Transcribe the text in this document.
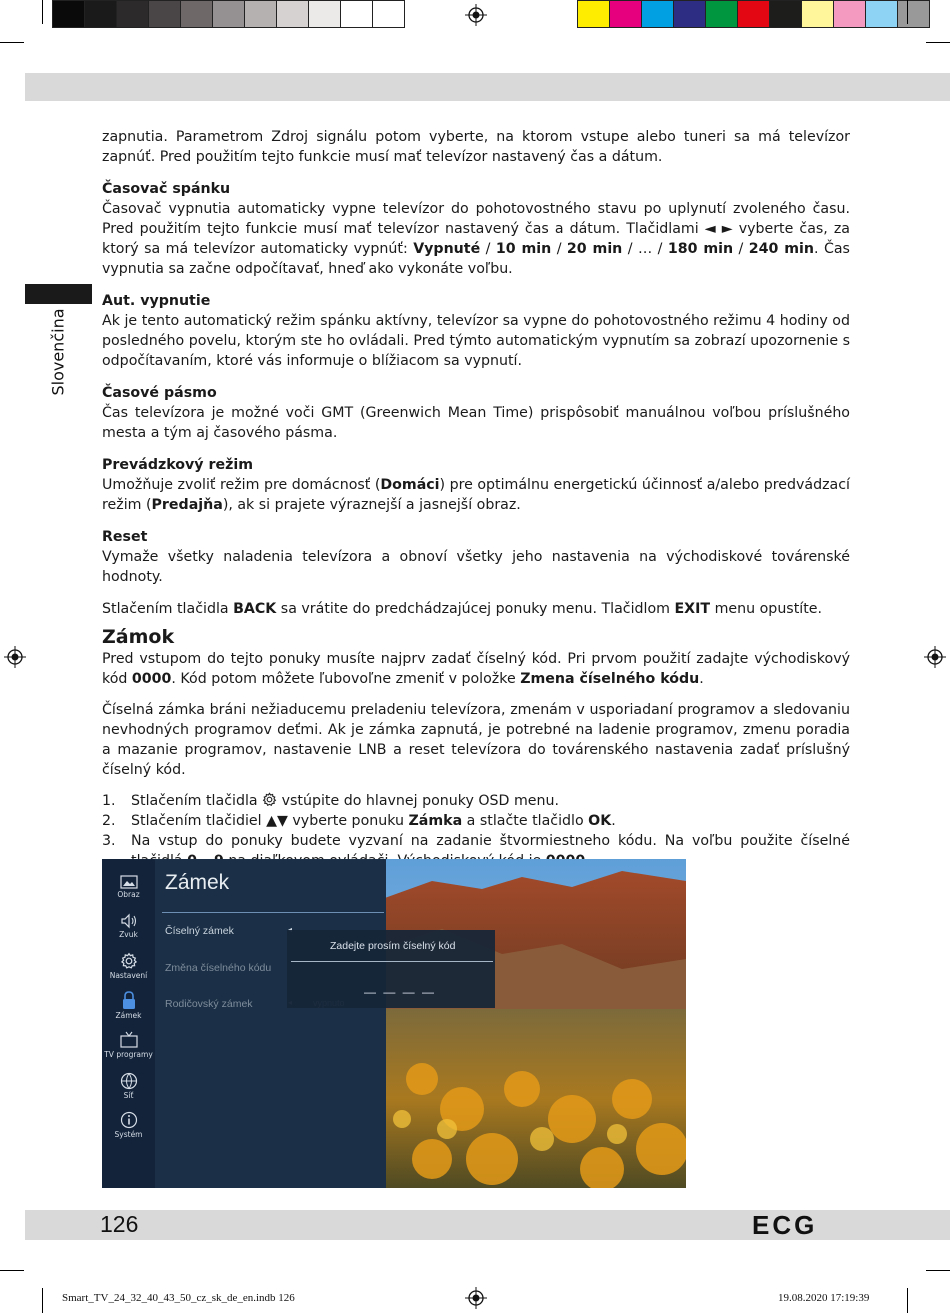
Slovenčina

zapnutia. Parametrom Zdroj signálu potom vyberte, na ktorom vstupe alebo tuneri sa má televízor zapnúť. Pred použitím tejto funkcie musí mať televízor nastavený čas a dátum.

Časovač spánku

Časovač vypnutia automaticky vypne televízor do pohotovostného stavu po uplynutí zvoleného času. Pred použitím tejto funkcie musí mať televízor nastavený čas a dátum. Tlačidlami ◄ ► vyberte čas, za ktorý sa má televízor automaticky vypnúť: Vypnuté / 10 min / 20 min / … / 180 min / 240 min. Čas vypnutia sa začne odpočítavať, hneď ako vykonáte voľbu.

Aut. vypnutie

Ak je tento automatický režim spánku aktívny, televízor sa vypne do pohotovostného režimu 4 hodiny od posledného povelu, ktorým ste ho ovládali. Pred týmto automatickým vypnutím sa zobrazí upozornenie s odpočítavaním, ktoré vás informuje o blížiacom sa vypnutí.

Časové pásmo

Čas televízora je možné voči GMT (Greenwich Mean Time) prispôsobiť manuálnou voľbou príslušného mesta a tým aj časového pásma.

Prevádzkový režim

Umožňuje zvoliť režim pre domácnosť (Domáci) pre optimálnu energetickú účinnosť a/alebo predvádzací režim (Predajňa), ak si prajete výraznejší a jasnejší obraz.

Reset

Vymaže všetky naladenia televízora a obnoví všetky jeho nastavenia na východiskové továrenské hodnoty.

Stlačením tlačidla BACK sa vrátite do predchádzajúcej ponuky menu. Tlačidlom EXIT menu opustíte.

Zámok

Pred vstupom do tejto ponuky musíte najprv zadať číselný kód. Pri prvom použití zadajte východiskový kód 0000. Kód potom môžete ľubovoľne zmeniť v položke Zmena číselného kódu.

Číselná zámka bráni nežiaducemu preladeniu televízora, zmenám v usporiadaní programov a sledovaniu nevhodných programov deťmi. Ak je zámka zapnutá, je potrebné na ladenie programov, zmenu poradia a mazanie programov, nastavenie LNB a reset televízora do továrenského nastavenia zadať príslušný číselný kód.

1. Stlačením tlačidla  vstúpite do hlavnej ponuky OSD menu.
2. Stlačením tlačidiel ▲▼ vyberte ponuku Zámka a stlačte tlačidlo OK.
3. Na vstup do ponuky budete vyzvaní na zadanie štvormiestneho kódu. Na voľbu použite číselné
Obraz
Zvuk
Nastavení
Zámek
TV programy
Síť
Systém
Zámek
Číselný zámek
Změna číselného kódu
Rodičovský zámek
Zadejte prosím číselný kód
— — — —
126	ECG
Smart_TV_24_32_40_43_50_cz_sk_de_en.indb 126	19.08.2020 17:19:39
